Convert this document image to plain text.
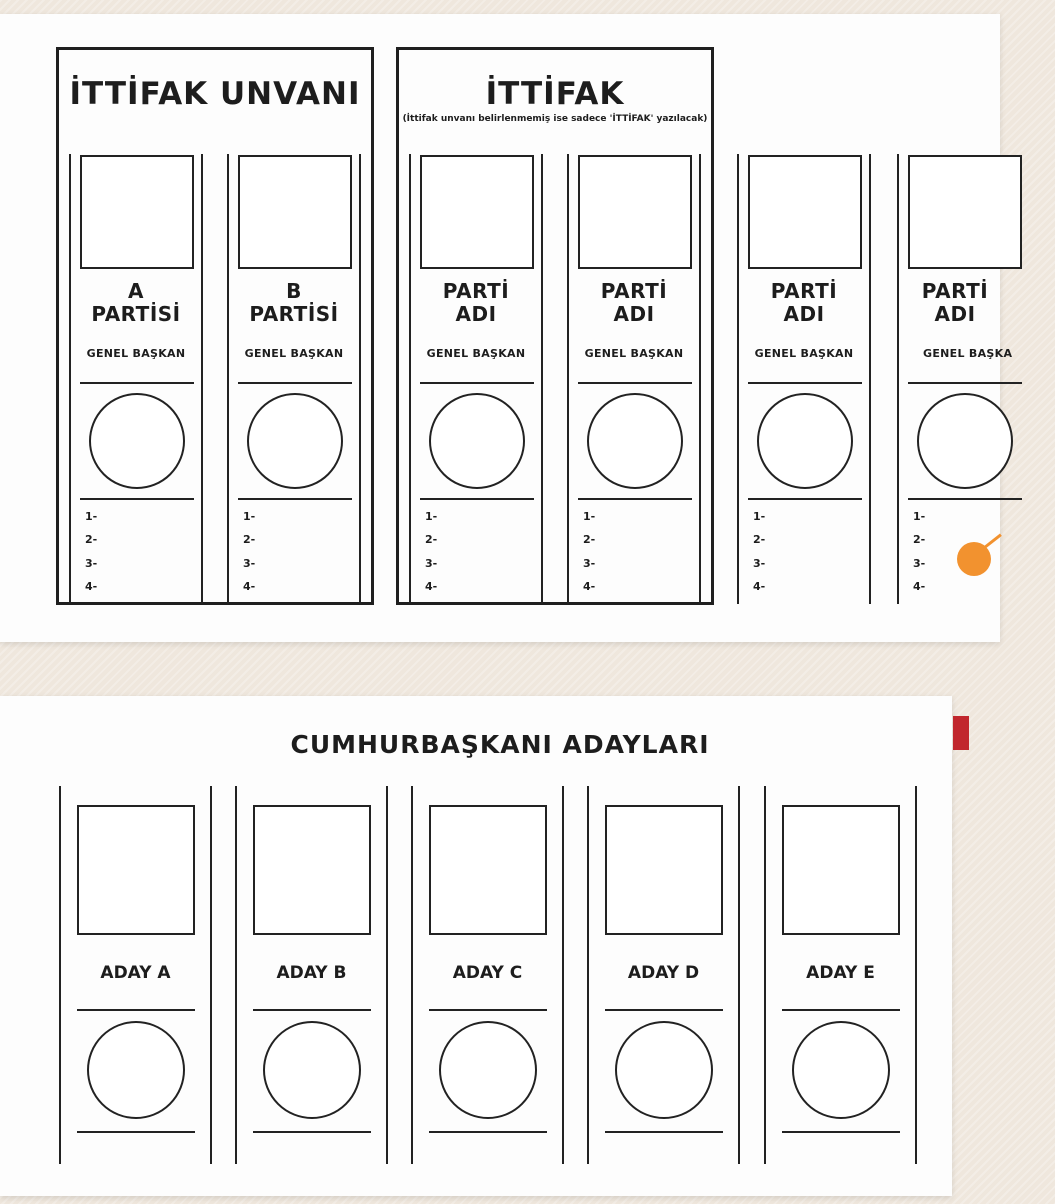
İTTİFAK UNVANI	İTTİFAK
(İttifak unvanı belirlenmemiş ise sadece 'İTTİFAK' yazılacak)
A
PARTİSİ
GENEL BAŞKAN
1-
2-
3-
4-
B
PARTİSİ
GENEL BAŞKAN
1-
2-
3-
4-
PARTİ
ADI
GENEL BAŞKAN
1-
2-
3-
4-
PARTİ
ADI
GENEL BAŞKAN
1-
2-
3-
4-
PARTİ
ADI
GENEL BAŞKAN
1-
2-
3-
4-
PARTİ
ADI
GENEL BAŞKA
1-
2-
3-
4-
CUMHURBAŞKANI ADAYLARI
ADAY A	ADAY B	ADAY C	ADAY D	ADAY E
